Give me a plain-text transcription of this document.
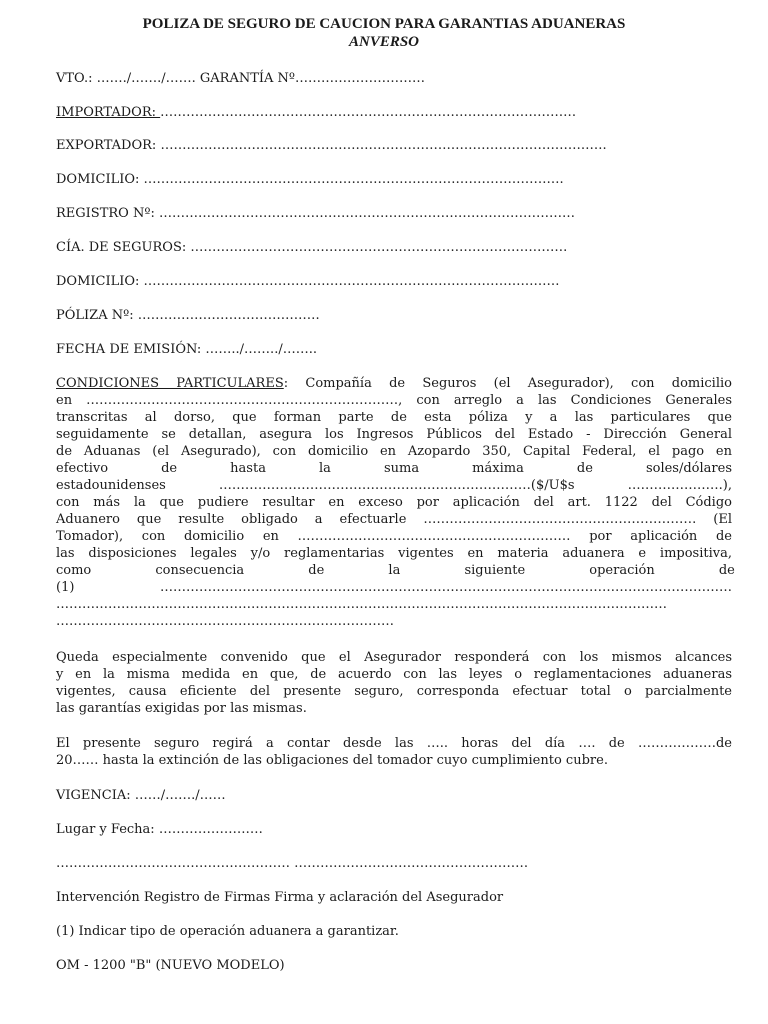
POLIZA DE SEGURO DE CAUCION PARA GARANTIAS ADUANERAS
ANVERSO
VTO.: ……./……./……. GARANTÍA Nº…………………………
IMPORTADOR: ……………………………………………………………………………………
EXPORTADOR: ………………………………………………………………………………………….
DOMICILIO: …………………………………………………………………………………….
REGISTRO Nº: ……………………………………………………………………………………
CÍA. DE SEGUROS: ……………………………………………………………………………
DOMICILIO: ……………………………………………………………………………………
PÓLIZA Nº: ……………………………………
FECHA DE EMISIÓN: ……../……../……..
CONDICIONES PARTICULARES: Compañía de Seguros (el Asegurador), con domicilio
en ………………………………………………………………, con arreglo a las Condiciones Generales
transcritas al dorso, que forman parte de esta póliza y a las particulares que
seguidamente se detallan, asegura los Ingresos Públicos del Estado - Dirección General
de Aduanas (el Asegurado), con domicilio en Azopardo 350, Capital Federal, el pago en
efectivo de hasta la suma máxima de soles/dólares
estadounidenses ………………………………………………………………($/U$s ………………….),
con más la que pudiere resultar en exceso por aplicación del art. 1122 del Código
Aduanero que resulte obligado a efectuarle ……………………………………………………… (El
Tomador), con domicilio en ……………………………………………………… por aplicación de
las disposiciones legales y/o reglamentarias vigentes en materia aduanera e impositiva,
como consecuencia de la siguiente operación de
(1) ……………………………………………………………………………………………………………………
……………………………………………………………………………………………………………………………
……………………………………………………………………
Queda especialmente convenido que el Asegurador responderá con los mismos alcances
y en la misma medida en que, de acuerdo con las leyes o reglamentaciones aduaneras
vigentes, causa eficiente del presente seguro, corresponda efectuar total o parcialmente
las garantías exigidas por las mismas.
El presente seguro regirá a contar desde las ….. horas del día …. de ………………de
20…… hasta la extinción de las obligaciones del tomador cuyo cumplimiento cubre.
VIGENCIA: ……/……./……
Lugar y Fecha: ……………………
……………………………………………… ………………………………………………
Intervención Registro de Firmas Firma y aclaración del Asegurador
(1) Indicar tipo de operación aduanera a garantizar.
OM - 1200 "B" (NUEVO MODELO)
